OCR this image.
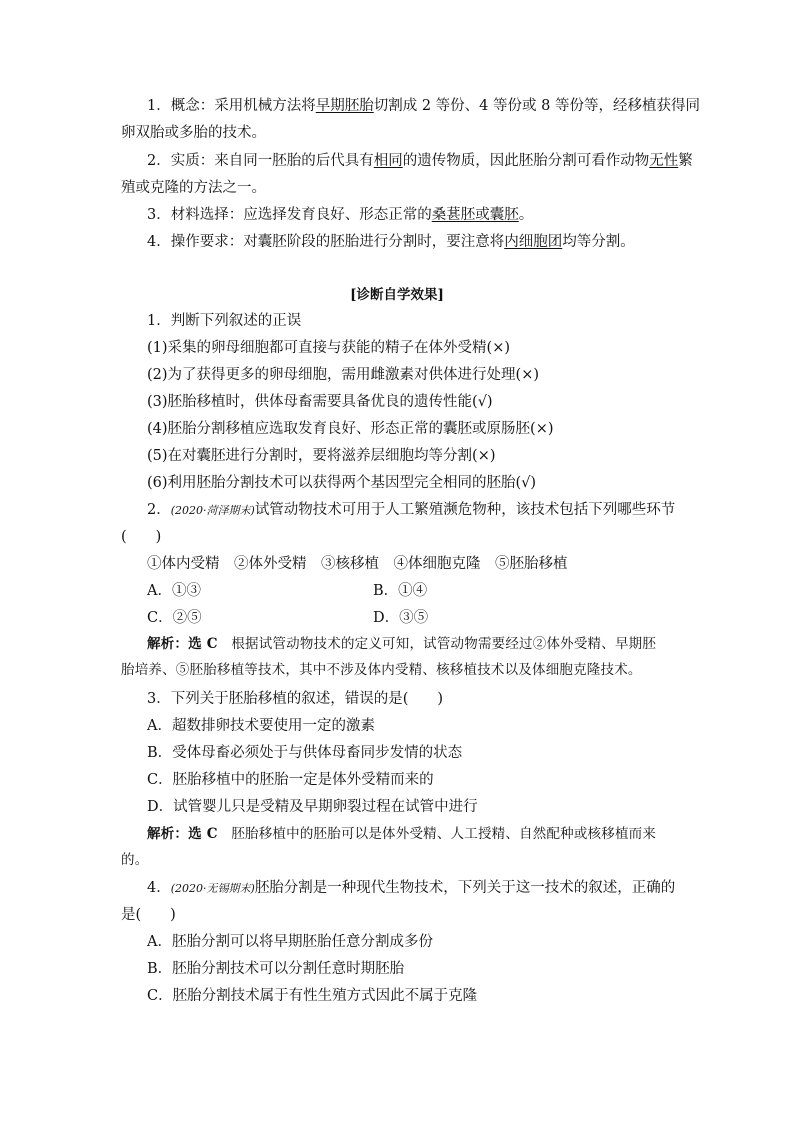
1．概念：采用机械方法将早期胚胎切割成 2 等份、4 等份或 8 等份等，经移植获得同
卵双胎或多胎的技术。
2．实质：来自同一胚胎的后代具有相同的遗传物质，因此胚胎分割可看作动物无性繁
殖或克隆的方法之一。
3．材料选择：应选择发育良好、形态正常的桑葚胚或囊胚。
4．操作要求：对囊胚阶段的胚胎进行分割时，要注意将内细胞团均等分割。
[诊断自学效果]
1．判断下列叙述的正误
(1)采集的卵母细胞都可直接与获能的精子在体外受精(×)
(2)为了获得更多的卵母细胞，需用雌激素对供体进行处理(×)
(3)胚胎移植时，供体母畜需要具备优良的遗传性能(√)
(4)胚胎分割移植应选取发育良好、形态正常的囊胚或原肠胚(×)
(5)在对囊胚进行分割时，要将滋养层细胞均等分割(×)
(6)利用胚胎分割技术可以获得两个基因型完全相同的胚胎(√)
2．(2020·菏泽期末)试管动物技术可用于人工繁殖濒危物种，该技术包括下列哪些环节
(　　)
①体内受精　②体外受精　③核移植　④体细胞克隆　⑤胚胎移植
A．①③	B．①④
C．②⑤	D．③⑤
解析：选 C　根据试管动物技术的定义可知，试管动物需要经过②体外受精、早期胚
胎培养、⑤胚胎移植等技术，其中不涉及体内受精、核移植技术以及体细胞克隆技术。
3．下列关于胚胎移植的叙述，错误的是(　　)
A．超数排卵技术要使用一定的激素
B．受体母畜必须处于与供体母畜同步发情的状态
C．胚胎移植中的胚胎一定是体外受精而来的
D．试管婴儿只是受精及早期卵裂过程在试管中进行
解析：选 C　胚胎移植中的胚胎可以是体外受精、人工授精、自然配种或核移植而来
的。
4．(2020·无锡期末)胚胎分割是一种现代生物技术，下列关于这一技术的叙述，正确的
是(　　)
A．胚胎分割可以将早期胚胎任意分割成多份
B．胚胎分割技术可以分割任意时期胚胎
C．胚胎分割技术属于有性生殖方式因此不属于克隆
